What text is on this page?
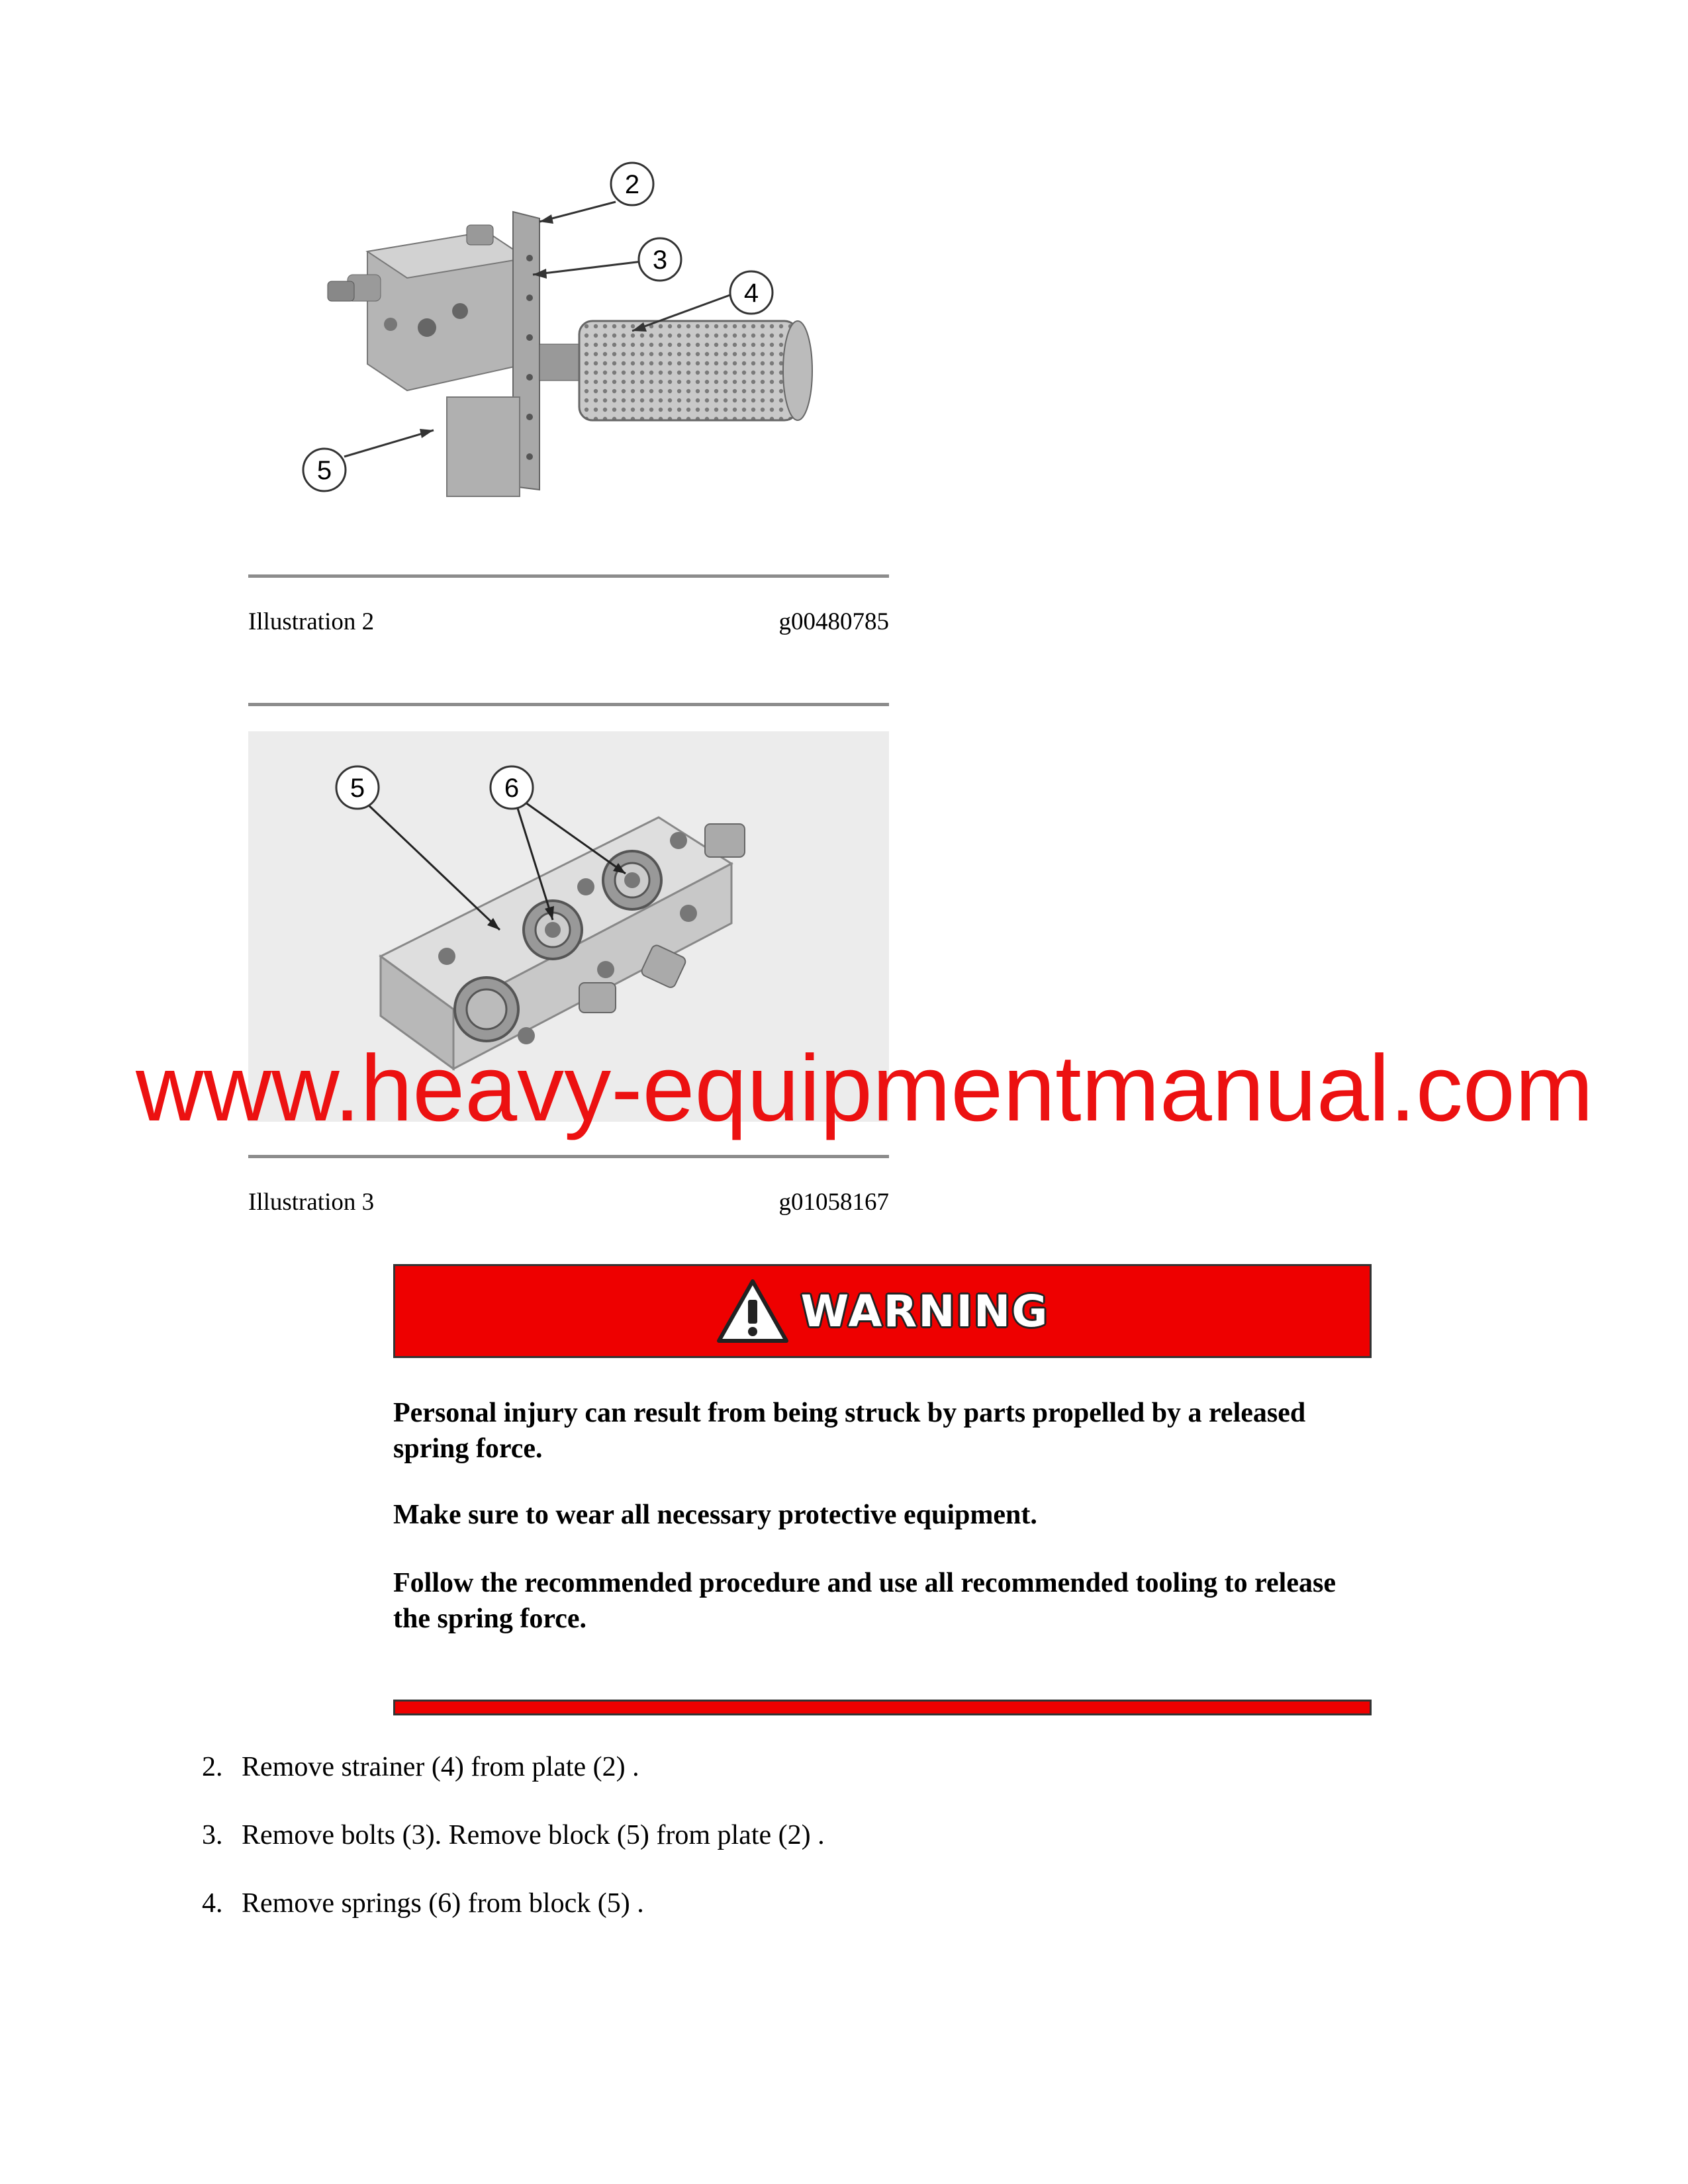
2
3
4
5
Illustration 2	g00480785
5	6
www.heavy-equipmentmanual.com
Illustration 3	g01058167
WARNING

Personal injury can result from being struck by parts propelled by a released spring force.

Make sure to wear all necessary protective equipment.

Follow the recommended procedure and use all recommended tooling to release the spring force.

2. Remove strainer (4) from plate (2) .
3. Remove bolts (3). Remove block (5) from plate (2) .
4. Remove springs (6) from block (5) .
